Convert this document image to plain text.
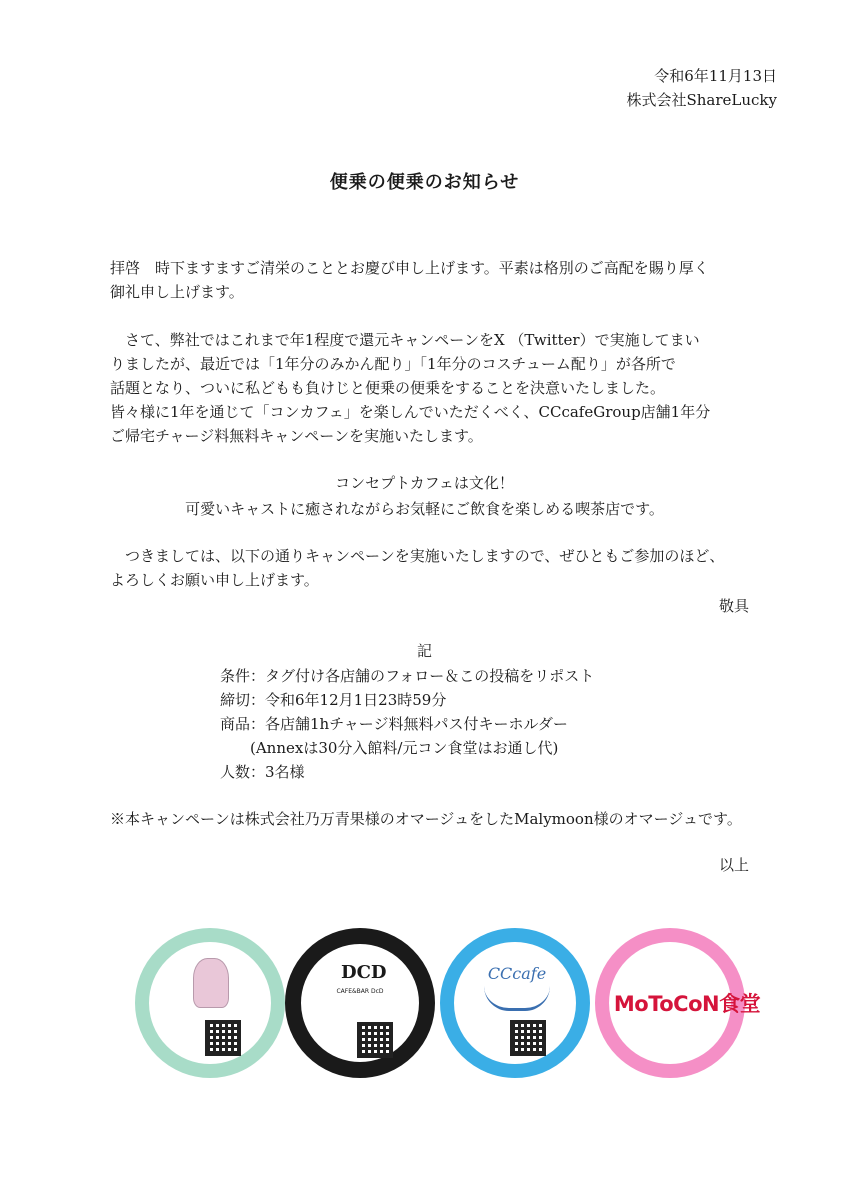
令和6年11月13日
株式会社ShareLucky
便乗の便乗のお知らせ

拝啓　時下ますますご清栄のこととお慶び申し上げます。平素は格別のご高配を賜り厚く
御礼申し上げます。

　さて、弊社ではこれまで年1程度で還元キャンペーンをX （Twitter）で実施してまい
りましたが、最近では「1年分のみかん配り」「1年分のコスチューム配り」が各所で
話題となり、ついに私どもも負けじと便乗の便乗をすることを決意いたしました。
皆々様に1年を通じて「コンカフェ」を楽しんでいただくべく、CCcafeGroup店舗1年分
ご帰宅チャージ料無料キャンペーンを実施いたします。

コンセプトカフェは文化！
可愛いキャストに癒されながらお気軽にご飲食を楽しめる喫茶店です。

　つきましては、以下の通りキャンペーンを実施いたしますので、ぜひともご参加のほど、
よろしくお願い申し上げます。

敬具
記
条件：タグ付け各店舗のフォロー＆この投稿をリポスト
締切：令和6年12月1日23時59分
商品：各店舗1hチャージ料無料パス付キーホルダー
　　(Annexは30分入館料/元コン食堂はお通し代)
人数：3名様
※本キャンペーンは株式会社乃万青果様のオマージュをしたMalymoon様のオマージュです。
以上
DCD
CAFE&BAR DcD
CCcafe
MoToCoN食堂
